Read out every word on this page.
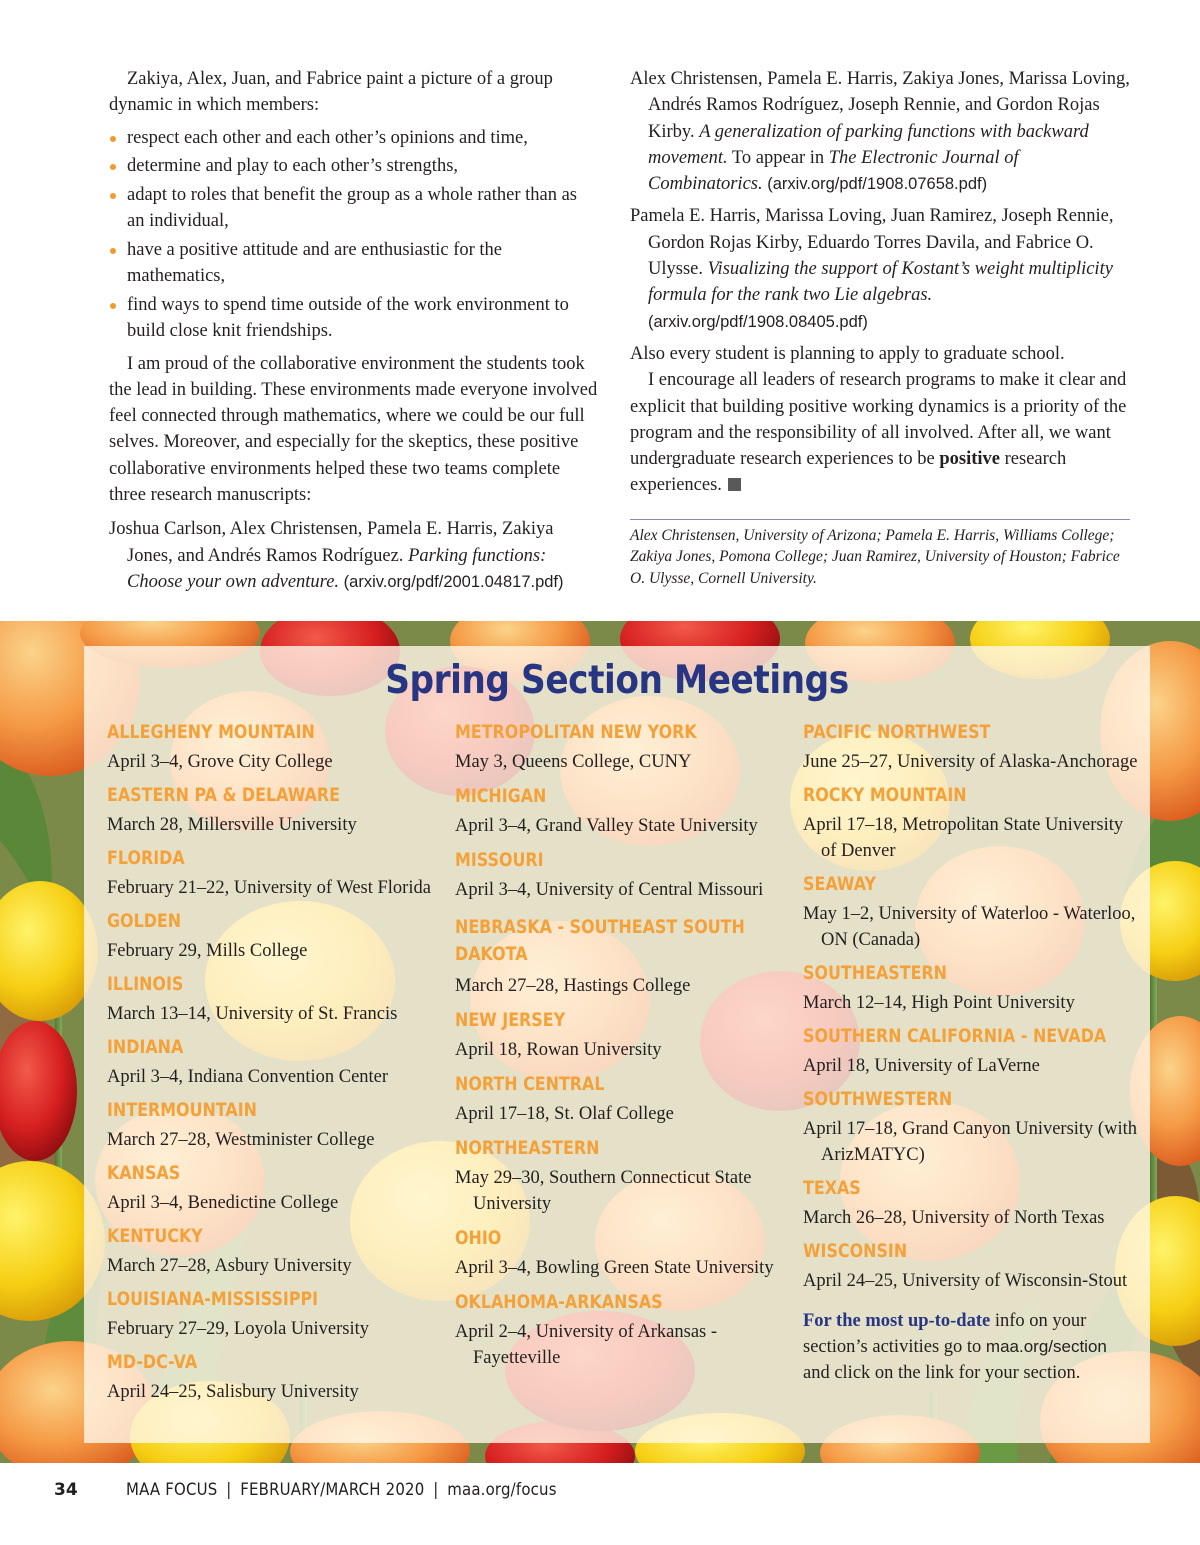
Zakiya, Alex, Juan, and Fabrice paint a picture of a group dynamic in which members:

respect each other and each other’s opinions and time,
determine and play to each other’s strengths,
adapt to roles that benefit the group as a whole rather than as an individual,
have a positive attitude and are enthusiastic for the mathematics,
find ways to spend time outside of the work environment to build close knit friendships.

I am proud of the collaborative environment the students took the lead in building. These environments made everyone involved feel connected through mathematics, where we could be our full selves. Moreover, and especially for the skeptics, these positive collaborative environments helped these two teams complete three research manuscripts:

Joshua Carlson, Alex Christensen, Pamela E. Harris, Zakiya Jones, and Andrés Ramos Rodríguez. Parking functions: Choose your own adventure. (arxiv.org/pdf/2001.04817.pdf)

Alex Christensen, Pamela E. Harris, Zakiya Jones, Marissa Loving, Andrés Ramos Rodríguez, Joseph Rennie, and Gordon Rojas Kirby. A generalization of parking functions with backward movement. To appear in The Electronic Journal of Combinatorics. (arxiv.org/pdf/1908.07658.pdf)

Pamela E. Harris, Marissa Loving, Juan Ramirez, Joseph Rennie, Gordon Rojas Kirby, Eduardo Torres Davila, and Fabrice O. Ulysse. Visualizing the support of Kostant’s weight multiplicity formula for the rank two Lie algebras. (arxiv.org/pdf/1908.08405.pdf)

Also every student is planning to apply to graduate school.

I encourage all leaders of research programs to make it clear and explicit that building positive working dynamics is a priority of the program and the responsibility of all involved. After all, we want undergraduate research experiences to be positive research experiences.

Alex Christensen, University of Arizona; Pamela E. Harris, Williams College; Zakiya Jones, Pomona College; Juan Ramirez, University of Houston; Fabrice O. Ulysse, Cornell University.

Spring Section Meetings
ALLEGHENY MOUNTAIN

April 3–4, Grove City College

EASTERN PA & DELAWARE

March 28, Millersville University

FLORIDA

February 21–22, University of West Florida

GOLDEN

February 29, Mills College

ILLINOIS

March 13–14, University of St. Francis

INDIANA

April 3–4, Indiana Convention Center

INTERMOUNTAIN

March 27–28, Westminister College

KANSAS

April 3–4, Benedictine College

KENTUCKY

March 27–28, Asbury University

LOUISIANA-MISSISSIPPI

February 27–29, Loyola University

MD-DC-VA

April 24–25, Salisbury University

METROPOLITAN NEW YORK

May 3, Queens College, CUNY

MICHIGAN

April 3–4, Grand Valley State University

MISSOURI

April 3–4, University of Central Missouri

NEBRASKA - SOUTHEAST SOUTH DAKOTA

March 27–28, Hastings College

NEW JERSEY

April 18, Rowan University

NORTH CENTRAL

April 17–18, St. Olaf College

NORTHEASTERN

May 29–30, Southern Connecticut State University

OHIO

April 3–4, Bowling Green State University

OKLAHOMA-ARKANSAS

April 2–4, University of Arkansas - Fayetteville

PACIFIC NORTHWEST

June 25–27, University of Alaska-Anchorage

ROCKY MOUNTAIN

April 17–18, Metropolitan State University of Denver

SEAWAY

May 1–2, University of Waterloo - Waterloo, ON (Canada)

SOUTHEASTERN

March 12–14, High Point University

SOUTHERN CALIFORNIA - NEVADA

April 18, University of LaVerne

SOUTHWESTERN

April 17–18, Grand Canyon University (with ArizMATYC)

TEXAS

March 26–28, University of North Texas

WISCONSIN

April 24–25, University of Wisconsin-Stout

For the most up-to-date info on your section’s activities go to maa.org/section and click on the link for your section.

34	MAA FOCUS | FEBRUARY/MARCH 2020 | maa.org/focus
